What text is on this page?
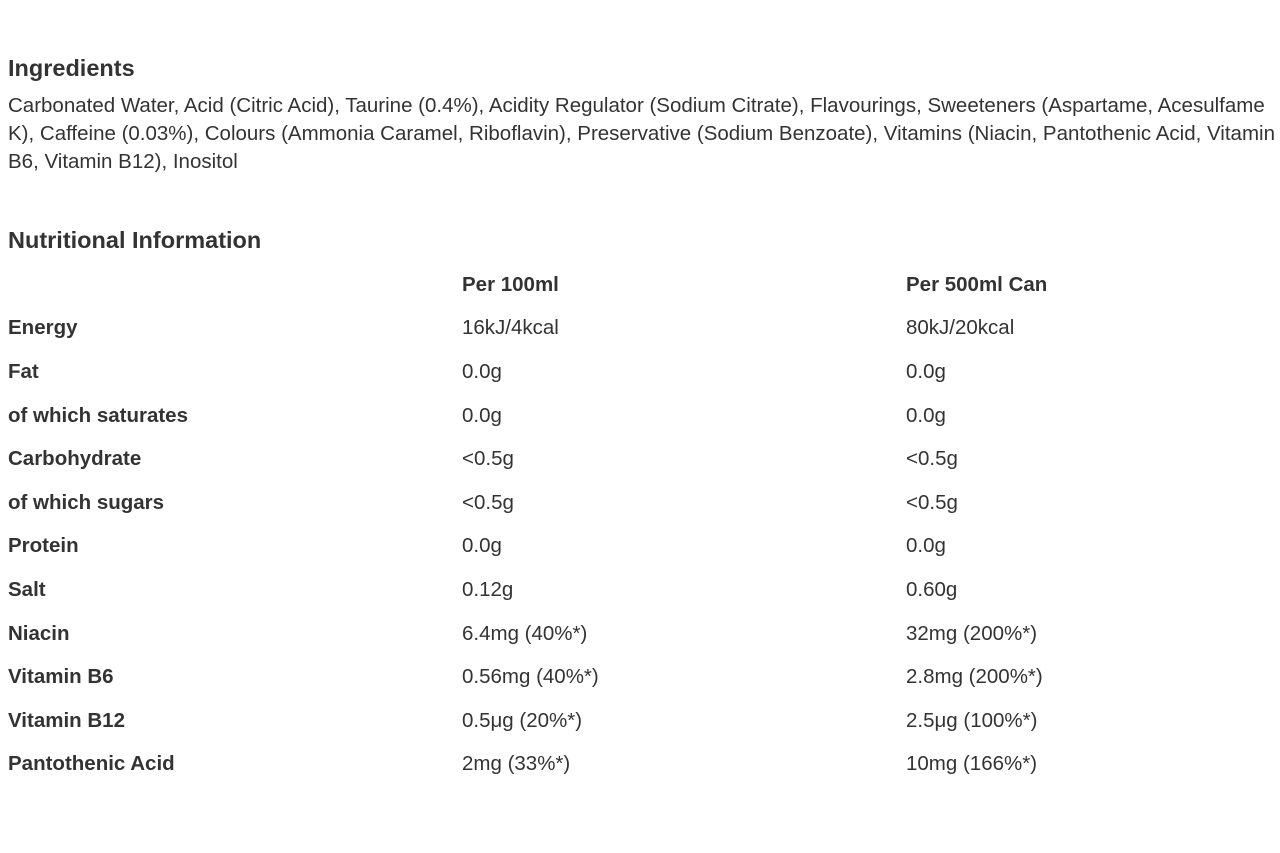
Ingredients

Carbonated Water, Acid (Citric Acid), Taurine (0.4%), Acidity Regulator (Sodium Citrate), Flavourings, Sweeteners (Aspartame, Acesulfame K), Caffeine (0.03%), Colours (Ammonia Caramel, Riboflavin), Preservative (Sodium Benzoate), Vitamins (Niacin, Pantothenic Acid, Vitamin B6, Vitamin B12), Inositol

Nutritional Information
	Per 100ml	Per 500ml Can
Energy	16kJ/4kcal	80kJ/20kcal
Fat	0.0g	0.0g
of which saturates	0.0g	0.0g
Carbohydrate	<0.5g	<0.5g
of which sugars	<0.5g	<0.5g
Protein	0.0g	0.0g
Salt	0.12g	0.60g
Niacin	6.4mg (40%*)	32mg (200%*)
Vitamin B6	0.56mg (40%*)	2.8mg (200%*)
Vitamin B12	0.5μg (20%*)	2.5μg (100%*)
Pantothenic Acid	2mg (33%*)	10mg (166%*)
